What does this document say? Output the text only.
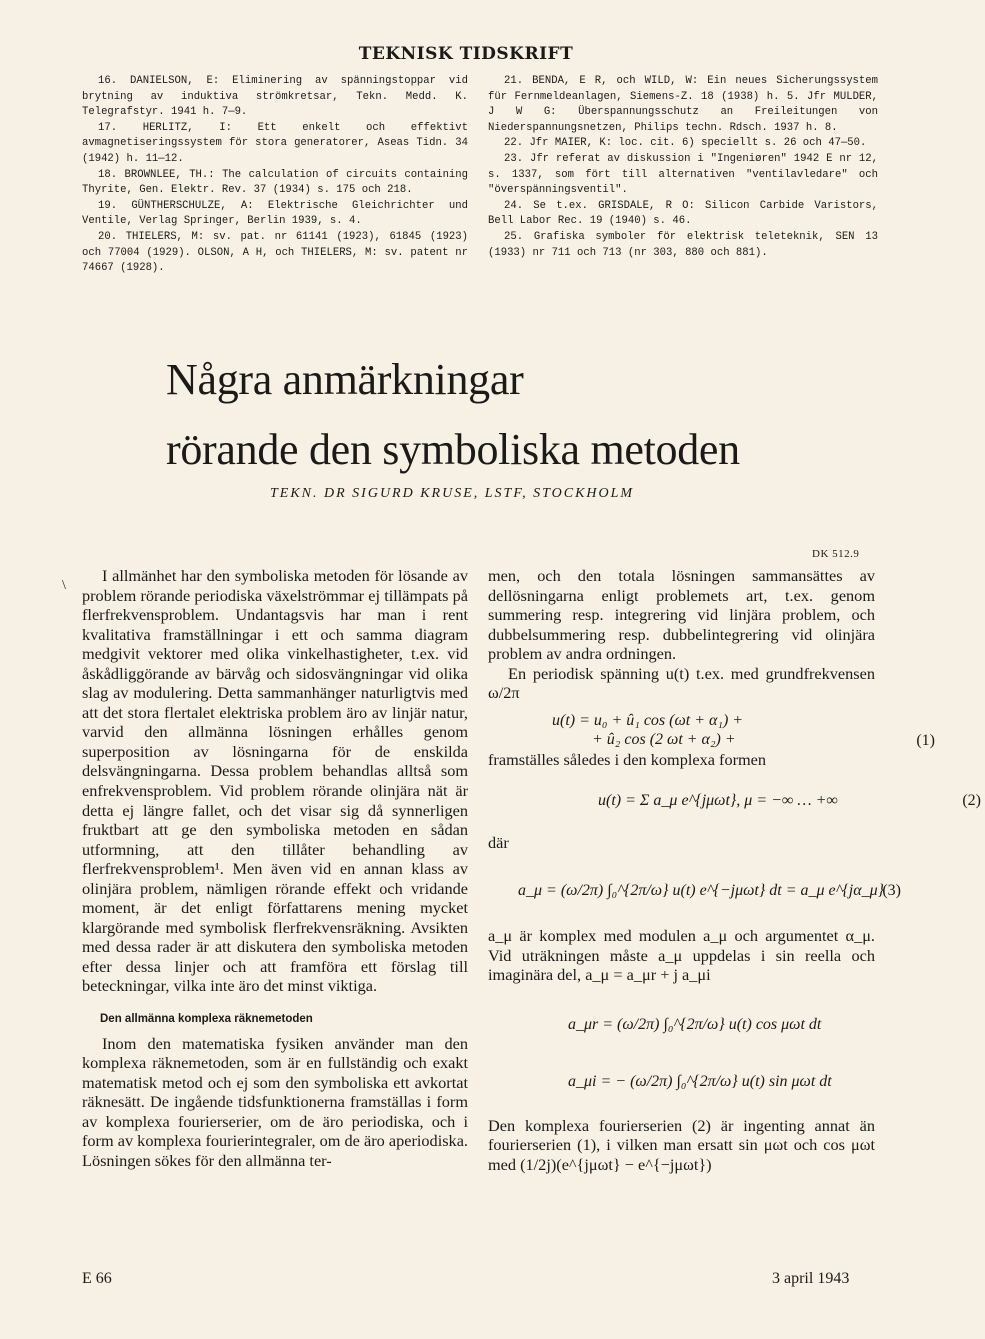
TEKNISK TIDSKRIFT
16. DANIELSON, E: Eliminering av spänningstoppar vid brytning av induktiva strömkretsar, Tekn. Medd. K. Telegrafstyr. 1941 h. 7—9.
17. HERLITZ, I: Ett enkelt och effektivt avmagnetiseringssystem för stora generatorer, Aseas Tidn. 34 (1942) h. 11—12.
18. BROWNLEE, TH.: The calculation of circuits containing Thyrite, Gen. Elektr. Rev. 37 (1934) s. 175 och 218.
19. GÜNTHERSCHULZE, A: Elektrische Gleichrichter und Ventile, Verlag Springer, Berlin 1939, s. 4.
20. THIELERS, M: sv. pat. nr 61141 (1923), 61845 (1923) och 77004 (1929). OLSON, A H, och THIELERS, M: sv. patent nr 74667 (1928).
21. BENDA, E R, och WILD, W: Ein neues Sicherungssystem für Fernmeldeanlagen, Siemens-Z. 18 (1938) h. 5. Jfr MULDER, J W G: Überspannungsschutz an Freileitungen von Niederspannungsnetzen, Philips techn. Rdsch. 1937 h. 8.
22. Jfr MAIER, K: loc. cit. 6) speciellt s. 26 och 47—50.
23. Jfr referat av diskussion i "Ingeniøren" 1942 E nr 12, s. 1337, som fört till alternativen "ventilavledare" och "överspänningsventil".
24. Se t.ex. GRISDALE, R O: Silicon Carbide Varistors, Bell Labor Rec. 19 (1940) s. 46.
25. Grafiska symboler för elektrisk teleteknik, SEN 13 (1933) nr 711 och 713 (nr 303, 880 och 881).
Några anmärkningar
rörande den symboliska metoden
TEKN. DR SIGURD KRUSE, LSTF, STOCKHOLM
DK 512.9
\

I allmänhet har den symboliska metoden för lösande av problem rörande periodiska växelströmmar ej tillämpats på flerfrekvensproblem. Undantagsvis har man i rent kvalitativa framställningar i ett och samma diagram medgivit vektorer med olika vinkelhastigheter, t.ex. vid åskådliggörande av bärvåg och sidosvängningar vid olika slag av modulering. Detta sammanhänger naturligtvis med att det stora flertalet elektriska problem äro av linjär natur, varvid den allmänna lösningen erhålles genom superposition av lösningarna för de enskilda delsvängningarna. Dessa problem behandlas alltså som enfrekvensproblem. Vid problem rörande olinjära nät är detta ej längre fallet, och det visar sig då synnerligen fruktbart att ge den symboliska metoden en sådan utformning, att den tillåter behandling av flerfrekvensproblem¹. Men även vid en annan klass av olinjära problem, nämligen rörande effekt och vridande moment, är det enligt författarens mening mycket klargörande med symbolisk flerfrekvensräkning. Avsikten med dessa rader är att diskutera den symboliska metoden efter dessa linjer och att framföra ett förslag till beteckningar, vilka inte äro det minst viktiga.

Den allmänna komplexa räknemetoden

Inom den matematiska fysiken använder man den komplexa räknemetoden, som är en fullständig och exakt matematisk metod och ej som den symboliska ett avkortat räknesätt. De ingående tidsfunktionerna framställas i form av komplexa fourierserier, om de äro periodiska, och i form av komplexa fourierintegraler, om de äro aperiodiska. Lösningen sökes för den allmänna ter-

men, och den totala lösningen sammansättes av dellösningarna enligt problemets art, t.ex. genom summering resp. integrering vid linjära problem, och dubbelsummering resp. dubbelintegrering vid olinjära problem av andra ordningen.

En periodisk spänning u(t) t.ex. med grundfrekvensen ω/2π

u(t) = u₀ + û₁ cos (ωt + α₁) +
+ û₂ cos (2 ωt + α₂) +	(1)

framställes således i den komplexa formen

u(t) = Σ a_μ e^{jμωt}, μ = −∞ … +∞	(2)

där

a_μ = (ω/2π) ∫₀^{2π/ω} u(t) e^{−jμωt} dt = a_μ e^{jα_μ}
(3)

a_μ är komplex med modulen a_μ och argumentet α_μ. Vid uträkningen måste a_μ uppdelas i sin reella och imaginära del, a_μ = a_μr + j a_μi

a_μr = (ω/2π) ∫₀^{2π/ω} u(t) cos μωt dt
a_μi = − (ω/2π) ∫₀^{2π/ω} u(t) sin μωt dt

Den komplexa fourierserien (2) är ingenting annat än fourierserien (1), i vilken man ersatt sin μωt och cos μωt med (1/2j)(e^{jμωt} − e^{−jμωt})

E 66	3 april 1943
